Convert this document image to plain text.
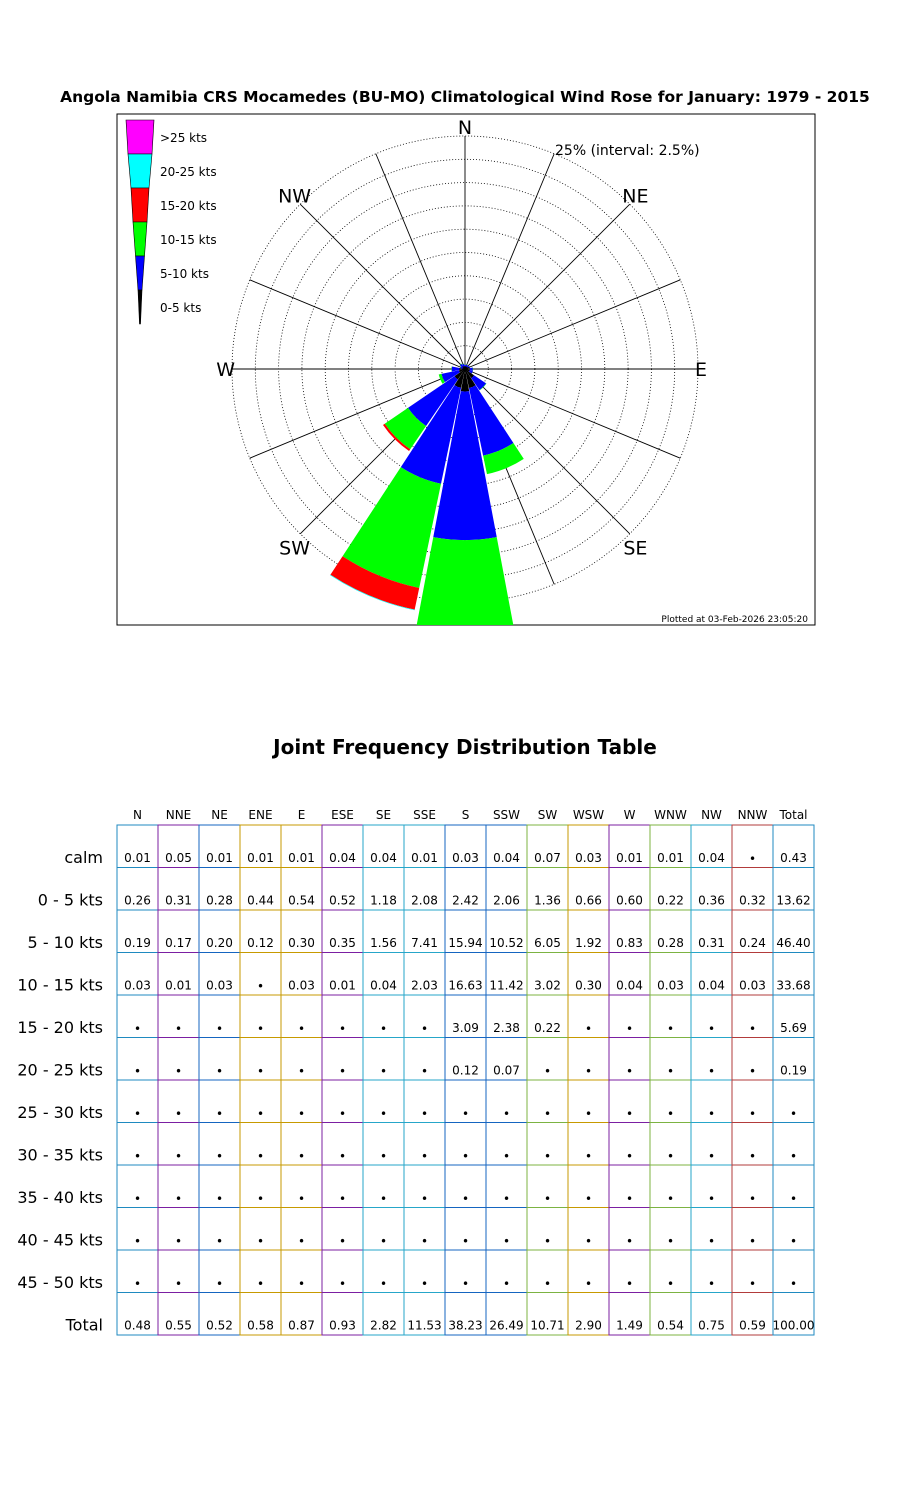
Angola Namibia CRS Mocamedes (BU-MO) Climatological Wind Rose for January: 1979 - 2015
N
NE
E
SE
SW
W
NW
25% (interval: 2.5%)
Plotted at 03-Feb-2026 23:05:20
>25 kts
20-25 kts
15-20 kts
10-15 kts
5-10 kts
0-5 kts
Joint Frequency Distribution Table
N NNE NE ENE E ESE SE SSE S SSW SW WSW W WNW NW NNW Total
calm 0.01 0.05 0.01 0.01 0.01 0.04 0.04 0.01 0.03 0.04 0.07 0.03 0.01 0.01 0.04 • 0.43
0 - 5 kts 0.26 0.31 0.28 0.44 0.54 0.52 1.18 2.08 2.42 2.06 1.36 0.66 0.60 0.22 0.36 0.32 13.62
5 - 10 kts 0.19 0.17 0.20 0.12 0.30 0.35 1.56 7.41 15.94 10.52 6.05 1.92 0.83 0.28 0.31 0.24 46.40
10 - 15 kts 0.03 0.01 0.03 • 0.03 0.01 0.04 2.03 16.63 11.42 3.02 0.30 0.04 0.03 0.04 0.03 33.68
15 - 20 kts	•	•	•	•	•	•	•	• 3.09 2.38 0.22 •	•	•	•	• 5.69
20 - 25 kts	•	•	•	•	•	•	•	• 0.12 0.07 •	•	•	•	•	• 0.19
25 - 30 kts	•	•	•	•	•	•	•	•	•	•	•	•	•	•	•	•	•
30 - 35 kts	•	•	•	•	•	•	•	•	•	•	•	•	•	•	•	•	•
35 - 40 kts	•	•	•	•	•	•	•	•	•	•	•	•	•	•	•	•	•
40 - 45 kts	•	•	•	•	•	•	•	•	•	•	•	•	•	•	•	•	•
45 - 50 kts	•	•	•	•	•	•	•	•	•	•	•	•	•	•	•	•	•
Total 0.48 0.55 0.52 0.58 0.87 0.93 2.82 11.53 38.23 26.49 10.71 2.90 1.49 0.54 0.75 0.59 100.00
